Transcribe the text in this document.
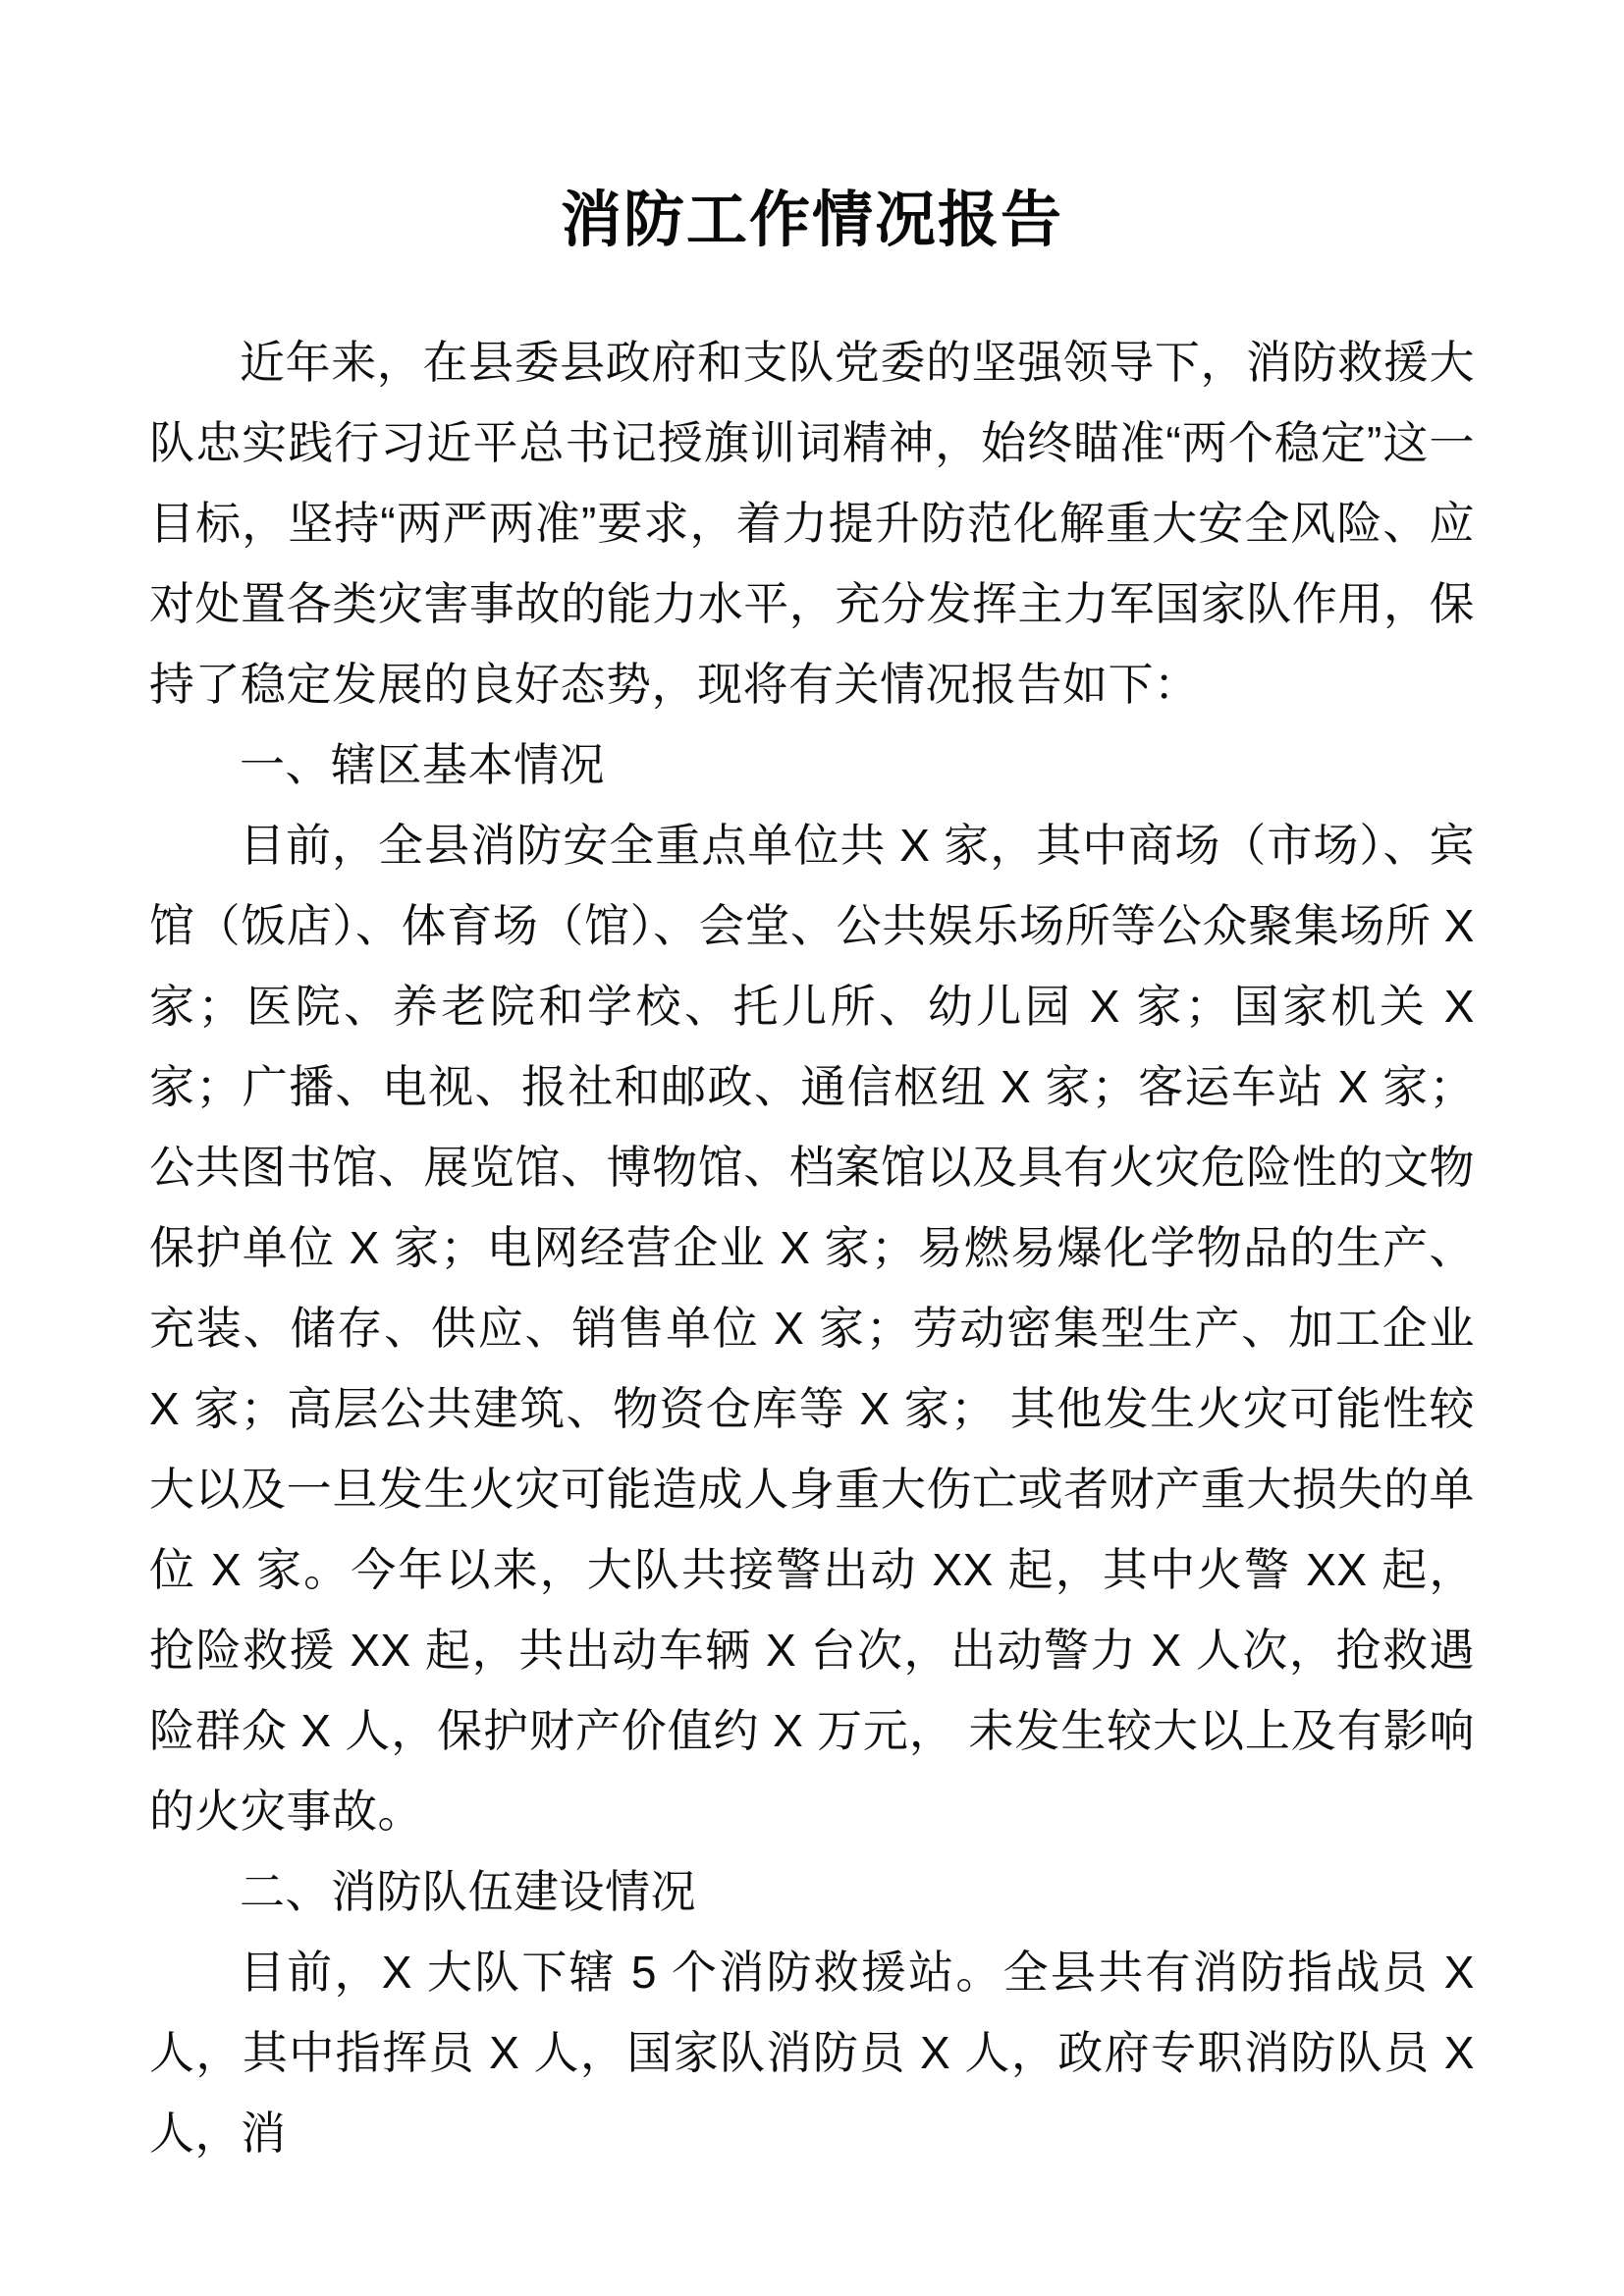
消防工作情况报告

近年来，在县委县政府和支队党委的坚强领导下，消防救援大队忠实践行习近平总书记授旗训词精神，始终瞄准“两个稳定”这一目标，坚持“两严两准”要求，着力提升防范化解重大安全风险、应对处置各类灾害事故的能力水平，充分发挥主力军国家队作用，保持了稳定发展的良好态势，现将有关情况报告如下：

一、辖区基本情况

目前，全县消防安全重点单位共 X 家，其中商场（市场）、宾馆（饭店）、体育场（馆）、会堂、公共娱乐场所等公众聚集场所 X 家；医院、养老院和学校、托儿所、幼儿园 X 家；国家机关 X 家；广播、电视、报社和邮政、通信枢纽 X 家；客运车站 X 家；公共图书馆、展览馆、博物馆、档案馆以及具有火灾危险性的文物保护单位 X 家；电网经营企业 X 家；易燃易爆化学物品的生产、充装、储存、供应、销售单位 X 家；劳动密集型生产、加工企业 X 家；高层公共建筑、物资仓库等 X 家； 其他发生火灾可能性较大以及一旦发生火灾可能造成人身重大伤亡或者财产重大损失的单位 X 家。今年以来，大队共接警出动 XX 起，其中火警 XX 起，抢险救援 XX 起，共出动车辆 X 台次，出动警力 X 人次，抢救遇险群众 X 人，保护财产价值约 X 万元， 未发生较大以上及有影响的火灾事故。

二、消防队伍建设情况

目前，X 大队下辖 5 个消防救援站。全县共有消防指战员 X 人，其中指挥员 X 人，国家队消防员 X 人，政府专职消防队员 X 人，消
